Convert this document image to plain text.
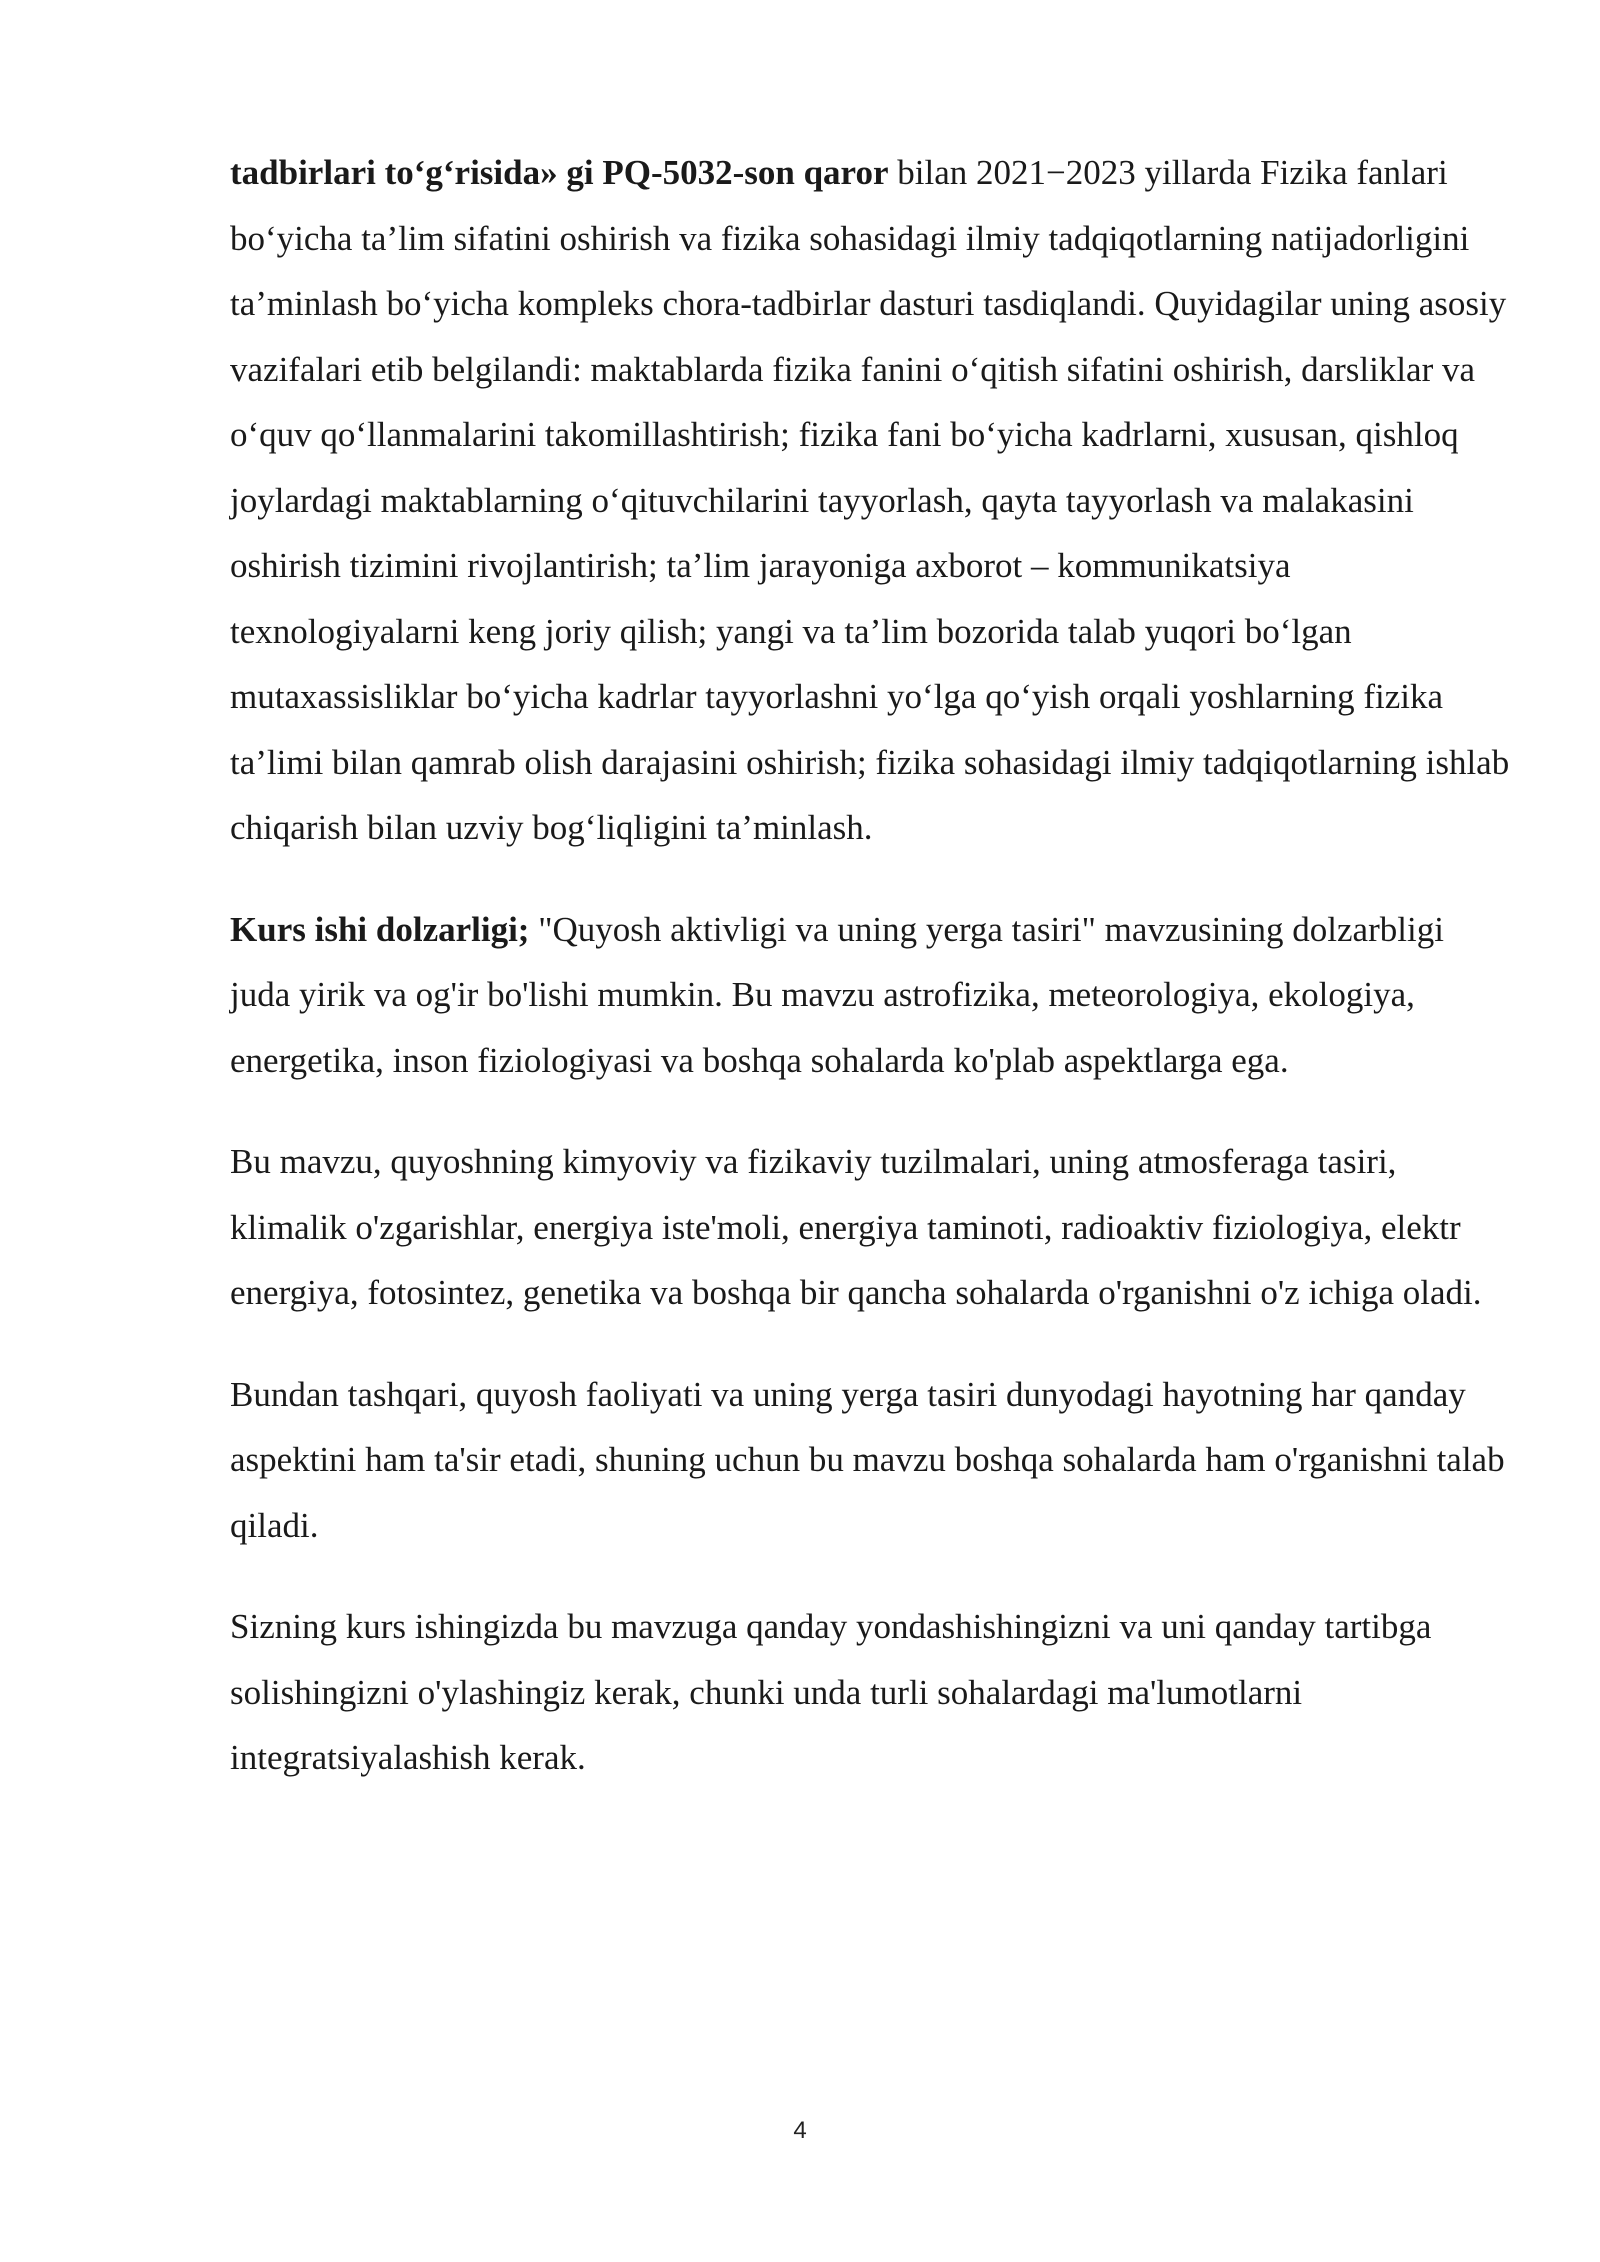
tadbirlari to‘g‘risida» gi PQ-5032-son qaror bilan 2021−2023 yillarda Fizika fanlari bo‘yicha ta’lim sifatini oshirish va fizika sohasidagi ilmiy tadqiqotlarning natijadorligini ta’minlash bo‘yicha kompleks chora-tadbirlar dasturi tasdiqlandi. Quyidagilar uning asosiy vazifalari etib belgilandi: maktablarda fizika fanini o‘qitish sifatini oshirish, darsliklar va o‘quv qo‘llanmalarini takomillashtirish; fizika fani bo‘yicha kadrlarni, xususan, qishloq joylardagi maktablarning o‘qituvchilarini tayyorlash, qayta tayyorlash va malakasini oshirish tizimini rivojlantirish; ta’lim jarayoniga axborot – kommunikatsiya texnologiyalarni keng joriy qilish; yangi va ta’lim bozorida talab yuqori bo‘lgan mutaxassisliklar bo‘yicha kadrlar tayyorlashni yo‘lga qo‘yish orqali yoshlarning fizika ta’limi bilan qamrab olish darajasini oshirish; fizika sohasidagi ilmiy tadqiqotlarning ishlab chiqarish bilan uzviy bog‘liqligini ta’minlash.

Kurs ishi dolzarligi; "Quyosh aktivligi va uning yerga tasiri" mavzusining dolzarbligi juda yirik va og'ir bo'lishi mumkin. Bu mavzu astrofizika, meteorologiya, ekologiya, energetika, inson fiziologiyasi va boshqa sohalarda ko'plab aspektlarga ega.

Bu mavzu, quyoshning kimyoviy va fizikaviy tuzilmalari, uning atmosferaga tasiri, klimalik o'zgarishlar, energiya iste'moli, energiya taminoti, radioaktiv fiziologiya, elektr energiya, fotosintez, genetika va boshqa bir qancha sohalarda o'rganishni o'z ichiga oladi.

Bundan tashqari, quyosh faoliyati va uning yerga tasiri dunyodagi hayotning har qanday aspektini ham ta'sir etadi, shuning uchun bu mavzu boshqa sohalarda ham o'rganishni talab qiladi.

Sizning kurs ishingizda bu mavzuga qanday yondashishingizni va uni qanday tartibga solishingizni o'ylashingiz kerak, chunki unda turli sohalardagi ma'lumotlarni integratsiyalashish kerak.

4
